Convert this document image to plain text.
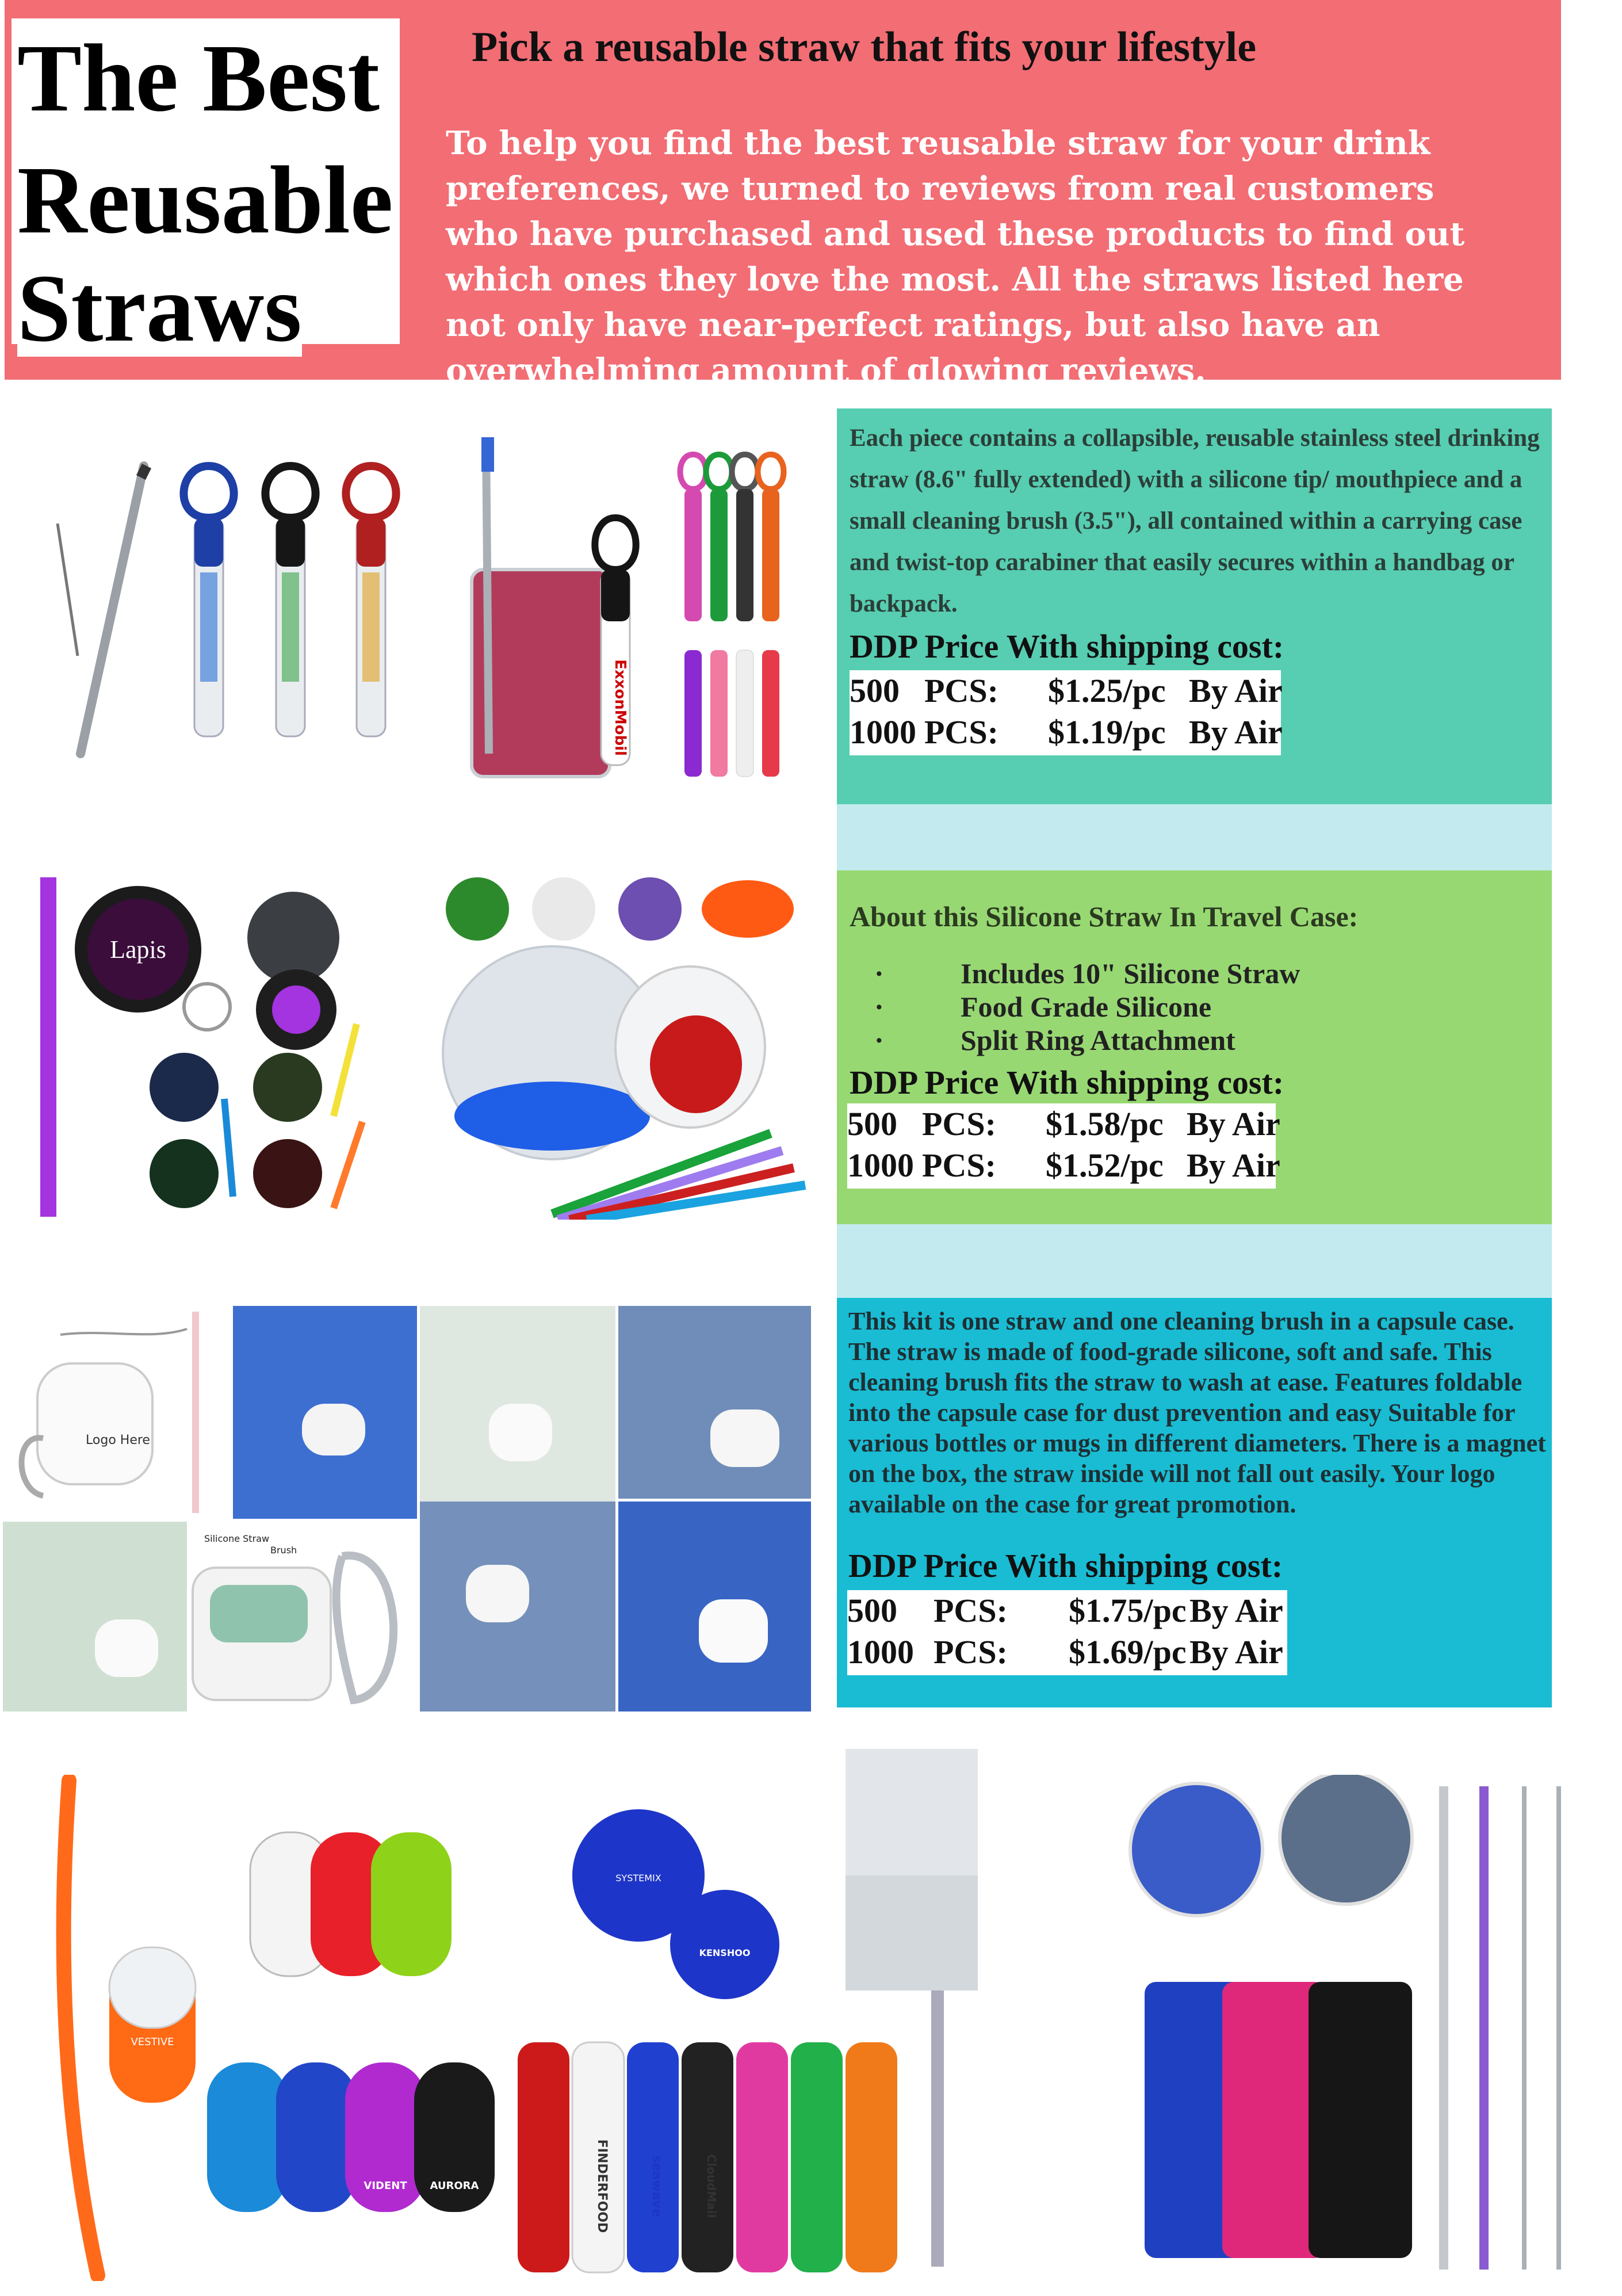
The Best
Reusable
Straws
Pick a reusable straw that fits your lifestyle
To help you find the best reusable straw for your drink preferences, we turned to reviews from real customers who have purchased and used these products to find out which ones they love the most. All the straws listed here not only have near-perfect ratings, but also have an overwhelming amount of glowing reviews.
ExxonMobil
Each piece contains a collapsible, reusable stainless steel drinking straw (8.6" fully extended) with a silicone tip/ mouthpiece and a small cleaning brush (3.5"), all contained within a carrying case and twist-top carabiner that easily secures within a handbag or backpack.
DDP Price With shipping cost:
500 PCS: $1.25/pc By Air
1000 PCS: $1.19/pc By Air
Lapis
About this Silicone Straw In Travel Case:
·	Includes 10" Silicone Straw
·	Food Grade Silicone
·	Split Ring Attachment
DDP Price With shipping cost:
500 PCS: $1.58/pc By Air
1000 PCS: $1.52/pc By Air
Logo Here
Silicone Straw
Brush
This kit is one straw and one cleaning brush in a capsule case. The straw is made of food-grade silicone, soft and safe. This cleaning brush fits the straw to wash at ease. Features foldable into the capsule case for dust prevention and easy Suitable for various bottles or mugs in different diameters. There is a magnet on the box, the straw inside will not fall out easily. Your logo available on the case for great promotion.
DDP Price With shipping cost:
500 PCS: $1.75/pc By Air
1000 PCS: $1.69/pc By Air
VESTIVE
VIDENT AURORA
SYSTEMIX
KENSHOO
FINDERFOOD	seawave	CloudMail
